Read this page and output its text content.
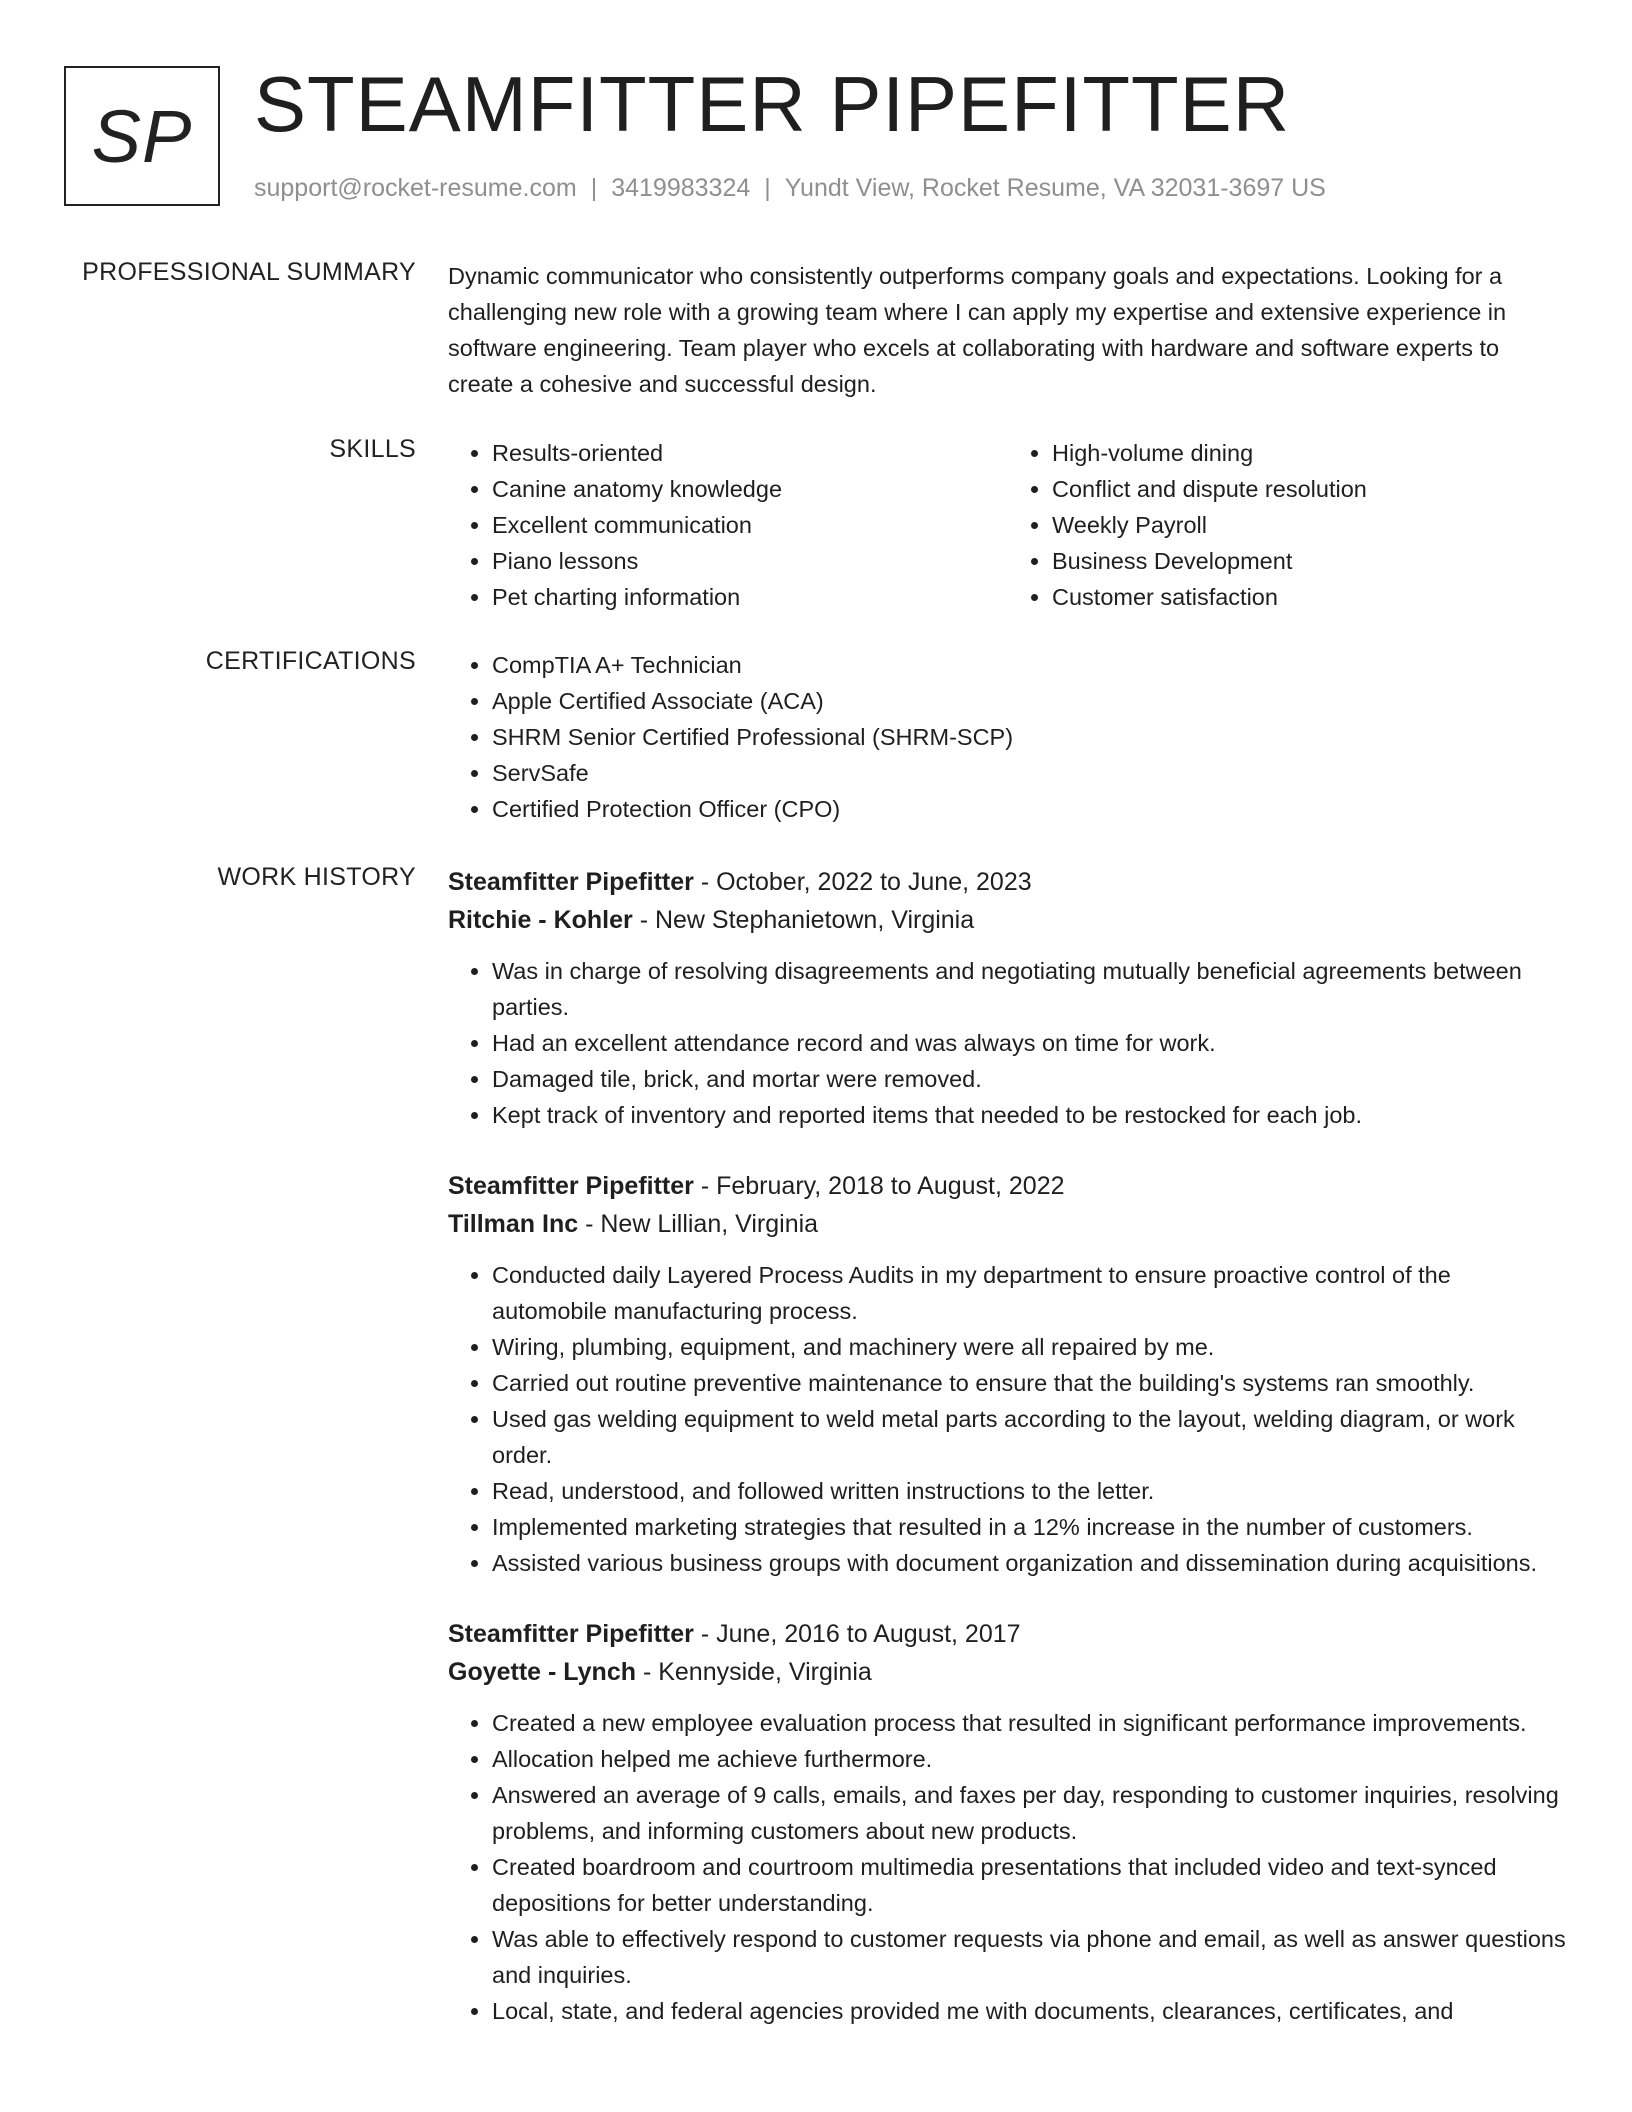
SP STEAMFITTER PIPEFITTER
support@rocket-resume.com | 3419983324 | Yundt View, Rocket Resume, VA 32031-3697 US
PROFESSIONAL SUMMARY Dynamic communicator who consistently outperforms company goals and expectations. Looking for a challenging new role with a growing team where I can apply my expertise and extensive experience in software engineering. Team player who excels at collaborating with hardware and software experts to create a cohesive and successful design.
SKILLS	• Results-oriented
• Canine anatomy knowledge
• Excellent communication
• Piano lessons
• Pet charting information
• High-volume dining
• Conflict and dispute resolution
• Weekly Payroll
• Business Development
• Customer satisfaction
CERTIFICATIONS	• CompTIA A+ Technician
• Apple Certified Associate (ACA)
• SHRM Senior Certified Professional (SHRM-SCP)
• ServSafe
• Certified Protection Officer (CPO)
WORK HISTORY Steamfitter Pipefitter - October, 2022 to June, 2023
Ritchie - Kohler - New Stephanietown, Virginia
• Was in charge of resolving disagreements and negotiating mutually beneficial agreements between parties.
• Had an excellent attendance record and was always on time for work.
• Damaged tile, brick, and mortar were removed.
• Kept track of inventory and reported items that needed to be restocked for each job.
Steamfitter Pipefitter - February, 2018 to August, 2022
Tillman Inc - New Lillian, Virginia
• Conducted daily Layered Process Audits in my department to ensure proactive control of the automobile manufacturing process.
• Wiring, plumbing, equipment, and machinery were all repaired by me.
• Carried out routine preventive maintenance to ensure that the building's systems ran smoothly.
• Used gas welding equipment to weld metal parts according to the layout, welding diagram, or work order.
• Read, understood, and followed written instructions to the letter.
• Implemented marketing strategies that resulted in a 12% increase in the number of customers.
• Assisted various business groups with document organization and dissemination during acquisitions.
Steamfitter Pipefitter - June, 2016 to August, 2017
Goyette - Lynch - Kennyside, Virginia
• Created a new employee evaluation process that resulted in significant performance improvements.
• Allocation helped me achieve furthermore.
• Answered an average of 9 calls, emails, and faxes per day, responding to customer inquiries, resolving problems, and informing customers about new products.
• Created boardroom and courtroom multimedia presentations that included video and text-synced depositions for better understanding.
• Was able to effectively respond to customer requests via phone and email, as well as answer questions and inquiries.
• Local, state, and federal agencies provided me with documents, clearances, certificates, and
